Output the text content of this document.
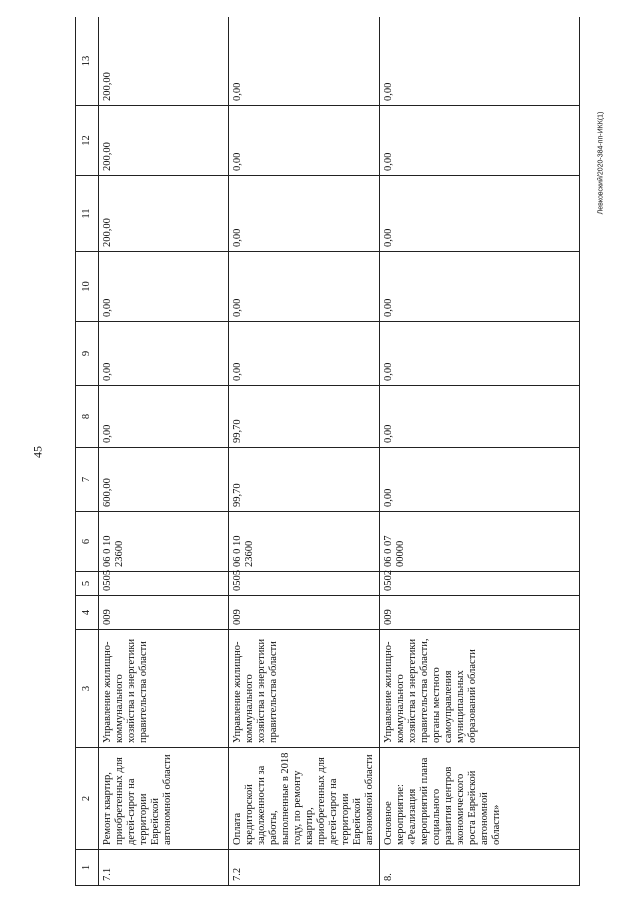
45
Левковский/2020-384-пп-ИКК(1)
1	2	3	4	5	6	7	8	9	10	11	12	13
7.1	Ремонт квартир, приобретенных для детей-сирот на территории Еврейской автономной области	Управление жилищно-коммунального хозяйства и энергетики правительства области	009	0505	06 0 10 23600	600,00	0,00	0,00	0,00	200,00	200,00	200,00
7.2	Оплата кредиторской задолженности за работы, выполненные в 2018 году, по ремонту квартир, приобретенных для детей-сирот на территории Еврейской автономной области	Управление жилищно-коммунального хозяйства и энергетики правительства области	009	0505	06 0 10 23600	99,70	99,70	0,00	0,00	0,00	0,00	0,00
8.	Основное мероприятие: «Реализация мероприятий плана социального развития центров экономического роста Еврейской автономной области»	Управление жилищно-коммунального хозяйства и энергетики правительства области, органы местного самоуправления муниципальных образований области	009	0502	06 0 07 00000	0,00	0,00	0,00	0,00	0,00	0,00	0,00
